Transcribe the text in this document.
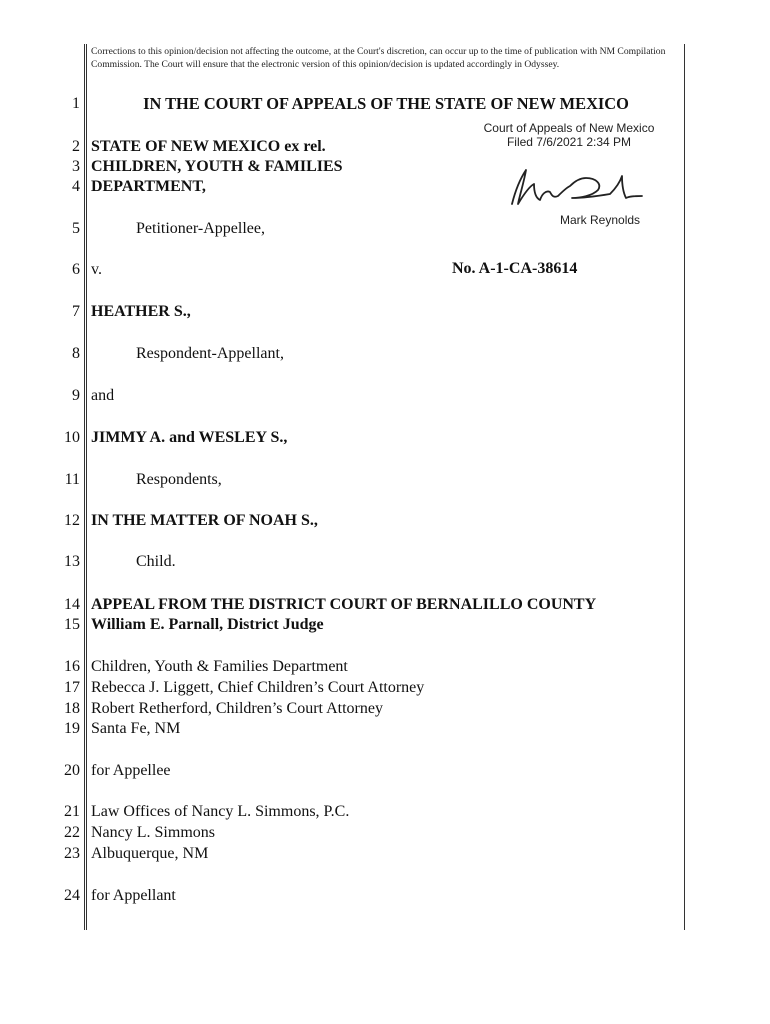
Corrections to this opinion/decision not affecting the outcome, at the Court's discretion, can occur up to the time of publication with NM Compilation Commission. The Court will ensure that the electronic version of this opinion/decision is updated accordingly in Odyssey.
1
2
3
4
5
6
7
8
9
10
11
12
13
14
15
16
17
18
19
20
21
22
23
24
IN THE COURT OF APPEALS OF THE STATE OF NEW MEXICO
Court of Appeals of New Mexico
Filed 7/6/2021 2:34 PM
Mark Reynolds
STATE OF NEW MEXICO ex rel.
CHILDREN, YOUTH & FAMILIES
DEPARTMENT,
Petitioner-Appellee,
v.	No. A-1-CA-38614
HEATHER S.,
Respondent-Appellant,
and
JIMMY A. and WESLEY S.,
Respondents,
IN THE MATTER OF NOAH S.,
Child.
APPEAL FROM THE DISTRICT COURT OF BERNALILLO COUNTY
William E. Parnall, District Judge
Children, Youth & Families Department
Rebecca J. Liggett, Chief Children’s Court Attorney
Robert Retherford, Children’s Court Attorney
Santa Fe, NM
for Appellee
Law Offices of Nancy L. Simmons, P.C.
Nancy L. Simmons
Albuquerque, NM
for Appellant
